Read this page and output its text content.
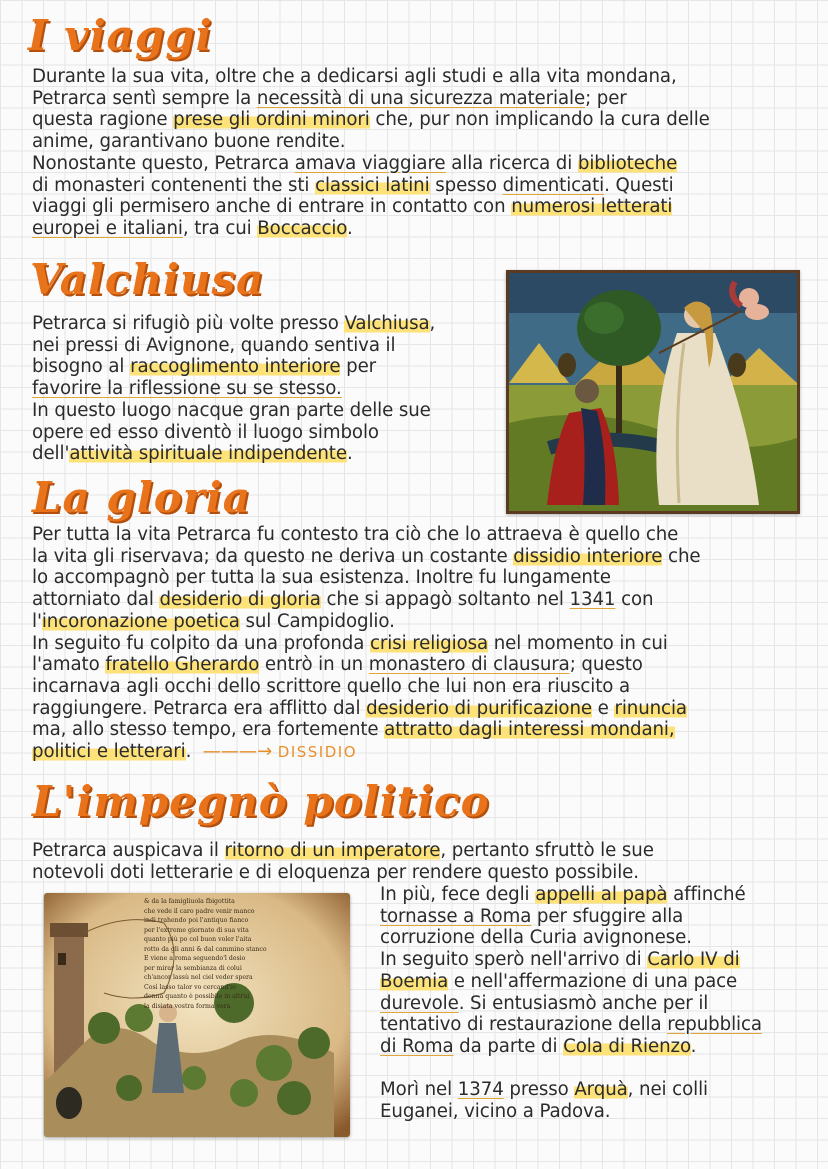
I viaggi

Durante la sua vita, oltre che a dedicarsi agli studi e alla vita mondana,

Petrarca sentì sempre la necessità di una sicurezza materiale; per

questa ragione prese gli ordini minori che, pur non implicando la cura delle

anime, garantivano buone rendite.

Nonostante questo, Petrarca amava viaggiare alla ricerca di biblioteche

di monasteri contenenti the sti classici latini spesso dimenticati. Questi

viaggi gli permisero anche di entrare in contatto con numerosi letterati

europei e italiani, tra cui Boccaccio.

Valchiusa

Petrarca si rifugiò più volte presso Valchiusa,

nei pressi di Avignone, quando sentiva il

bisogno al raccoglimento interiore per

favorire la riflessione su se stesso.

In questo luogo nacque gran parte delle sue

opere ed esso diventò il luogo simbolo

dell'attività spirituale indipendente.

La gloria

Per tutta la vita Petrarca fu contesto tra ciò che lo attraeva è quello che

la vita gli riservava; da questo ne deriva un costante dissidio interiore che

lo accompagnò per tutta la sua esistenza. Inoltre fu lungamente

attorniato dal desiderio di gloria che si appagò soltanto nel 1341 con

l'incoronazione poetica sul Campidoglio.

In seguito fu colpito da una profonda crisi religiosa nel momento in cui

l'amato fratello Gherardo entrò in un monastero di clausura; questo

incarnava agli occhi dello scrittore quello che lui non era riuscito a

raggiungere. Petrarca era afflitto dal desiderio di purificazione e rinuncia

ma, allo stesso tempo, era fortemente attratto dagli interessi mondani,

politici e letterari. ———→ DISSIDIO

L'impegnò politico

Petrarca auspicava il ritorno di un imperatore, pertanto sfruttò le sue

notevoli doti letterarie e di eloquenza per rendere questo possibile.

& da la famigliuola fbigottita
che vede il caro padre venir manco
indi trahendo poi l'antiquo fianco
per l'extreme giornate di sua vita
quanto più po col buon voler l'aita
rotto da gli anni & dal cammino stanco
E viene a roma seguendo'l desio
per mirar la sembianza di colui
ch'ancor lassù nel ciel veder spera
Così lasso talor vo cercand'io
donna quanto è possibile in altrui
la disiata vostra forma vera

In più, fece degli appelli al papà affinché

tornasse a Roma per sfuggire alla

corruzione della Curia avignonese.

In seguito sperò nell'arrivo di Carlo IV di

Boemia e nell'affermazione di una pace

durevole. Si entusiasmò anche per il

tentativo di restaurazione della repubblica

di Roma da parte di Cola di Rienzo.

Morì nel 1374 presso Arquà, nei colli

Euganei, vicino a Padova.
